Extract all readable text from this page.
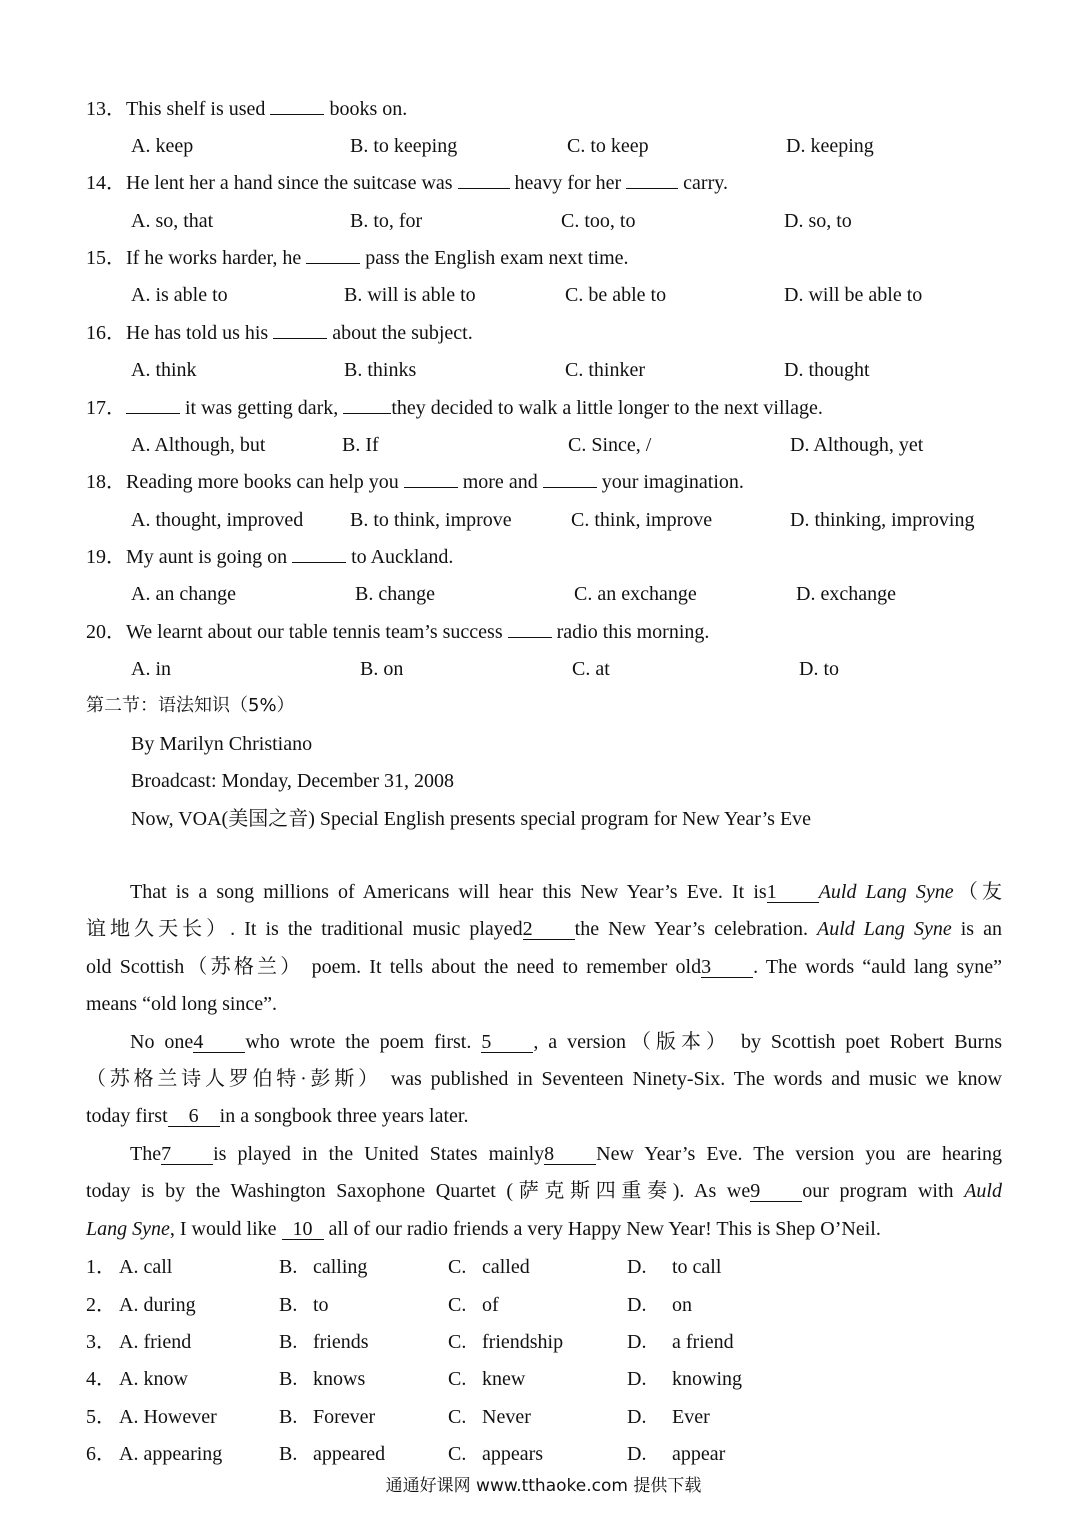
13．This shelf is used	books on.
A. keep	B. to keeping	C. to keep	D. keeping
14．He lent her a hand since the suitcase was	heavy for her	carry.
A. so, that	B. to, for	C. too, to	D. so, to
15．If he works harder, he	pass the English exam next time.
A. is able to	B. will is able to	C. be able to	D. will be able to
16．He has told us his	about the subject.
A. think	B. thinks	C. thinker	D. thought
17．	it was getting dark, they decided to walk a little longer to the next village.
A. Although, but	B. If	C. Since, /	D. Although, yet
18．Reading more books can help you	more and	your imagination.
A. thought, improved B. to think, improve	C. think, improve	D. thinking, improving
19．My aunt is going on	to Auckland.
A. an change	B. change	C. an exchange	D. exchange
20．We learnt about our table tennis team’s success  radio this morning.
A. in	B. on	C. at	D. to
第二节：语法知识（5%）
By Marilyn Christiano
Broadcast: Monday, December 31, 2008
Now, VOA(美国之音) Special English presents special program for New Year’s Eve
That is a song millions of Americans will hear this New Year’s Eve. It is1 Auld Lang Syne（友
谊地久天长）. It is the traditional music played2 the New Year’s celebration. Auld Lang Syne is an
old Scottish（苏格兰） poem. It tells about the need to remember old3 . The words “auld lang syne”
means “old long since”.
No one4 who wrote the poem first. 5 , a version（版本） by Scottish poet Robert Burns
（苏格兰诗人罗伯特·彭斯） was published in Seventeen Ninety-Six. The words and music we know
today first 6 in a songbook three years later.
The7 is played in the United States mainly8 New Year’s Eve. The version you are hearing
today is by the Washington Saxophone Quartet (萨克斯四重奏). As we9 our program with Auld
Lang Syne, I would like 10 all of our radio friends a very Happy New Year! This is Shep O’Neil.
1． A. call	B. calling	C. called	D. to call
2． A. during	B. to	C. of	D. on
3． A. friend	B. friends	C. friendship	D. a friend
4． A. know	B. knows	C. knew	D. knowing
5． A. However	B. Forever	C. Never	D. Ever
6． A. appearing	B. appeared	C. appears	D. appear
通通好课网 www.tthaoke.com 提供下载
